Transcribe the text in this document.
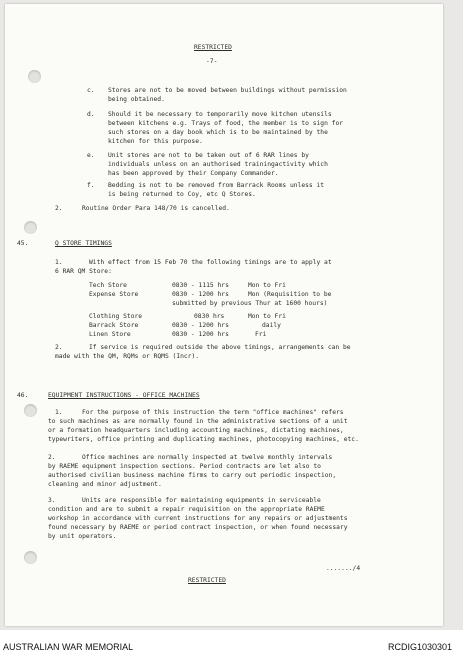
RESTRICTED
-7-
c. Stores are not to be moved between buildings without permission
being obtained.
d. Should it be necessary to temporarily move kitchen utensils
between kitchens e.g. Trays of food, the member is to sign for
such stores on a day book which is to be maintained by the
kitchen for this purpose.
e. Unit stores are not to be taken out of 6 RAR lines by
individuals unless on an authorised trainingactivity which
has been approved by their Company Commander.
f. Bedding is not to be removed from Barrack Rooms unless it
is being returned to Coy, etc Q Stores.
2.	Routine Order Para 148/70 is cancelled.
45.	Q STORE TIMINGS
1.	With effect from 15 Feb 70 the following timings are to apply at
6 RAR QM Store:
Tech Store	0830 - 1115 hrs	Mon to Fri
Expense Store	0830 - 1200 hrs	Mon (Requisition to be
submitted by previous Thur at 1600 hours)
Clothing Store	0830 hrs	Mon to Fri
Barrack Store	0830 - 1200 hrs	daily
Linen Store	0830 - 1200 hrs	Fri
2.	If service is required outside the above timings, arrangements can be
made with the QM, RQMs or RQMS (Incr).
46.	EQUIPMENT INSTRUCTIONS - OFFICE MACHINES
1.	For the purpose of this instruction the term "office machines" refers
to such machines as are normally found in the administrative sections of a unit
or a formation headquarters including accounting machines, dictating machines,
typewriters, office printing and duplicating machines, photocopying machines, etc.
2.	Office machines are normally inspected at twelve monthly intervals
by RAEME equipment inspection sections. Period contracts are let also to
authorised civilian business machine firms to carry out periodic inspection,
cleaning and minor adjustment.
3.	Units are responsible for maintaining equipments in serviceable
condition and are to submit a repair requisition on the appropriate RAEME
workshop in accordance with current instructions for any repairs or adjustments
found necessary by RAEME or period contract inspection, or when found necessary
by unit operators.
......./4
RESTRICTED
AUSTRALIAN WAR MEMORIAL	RCDIG1030301
